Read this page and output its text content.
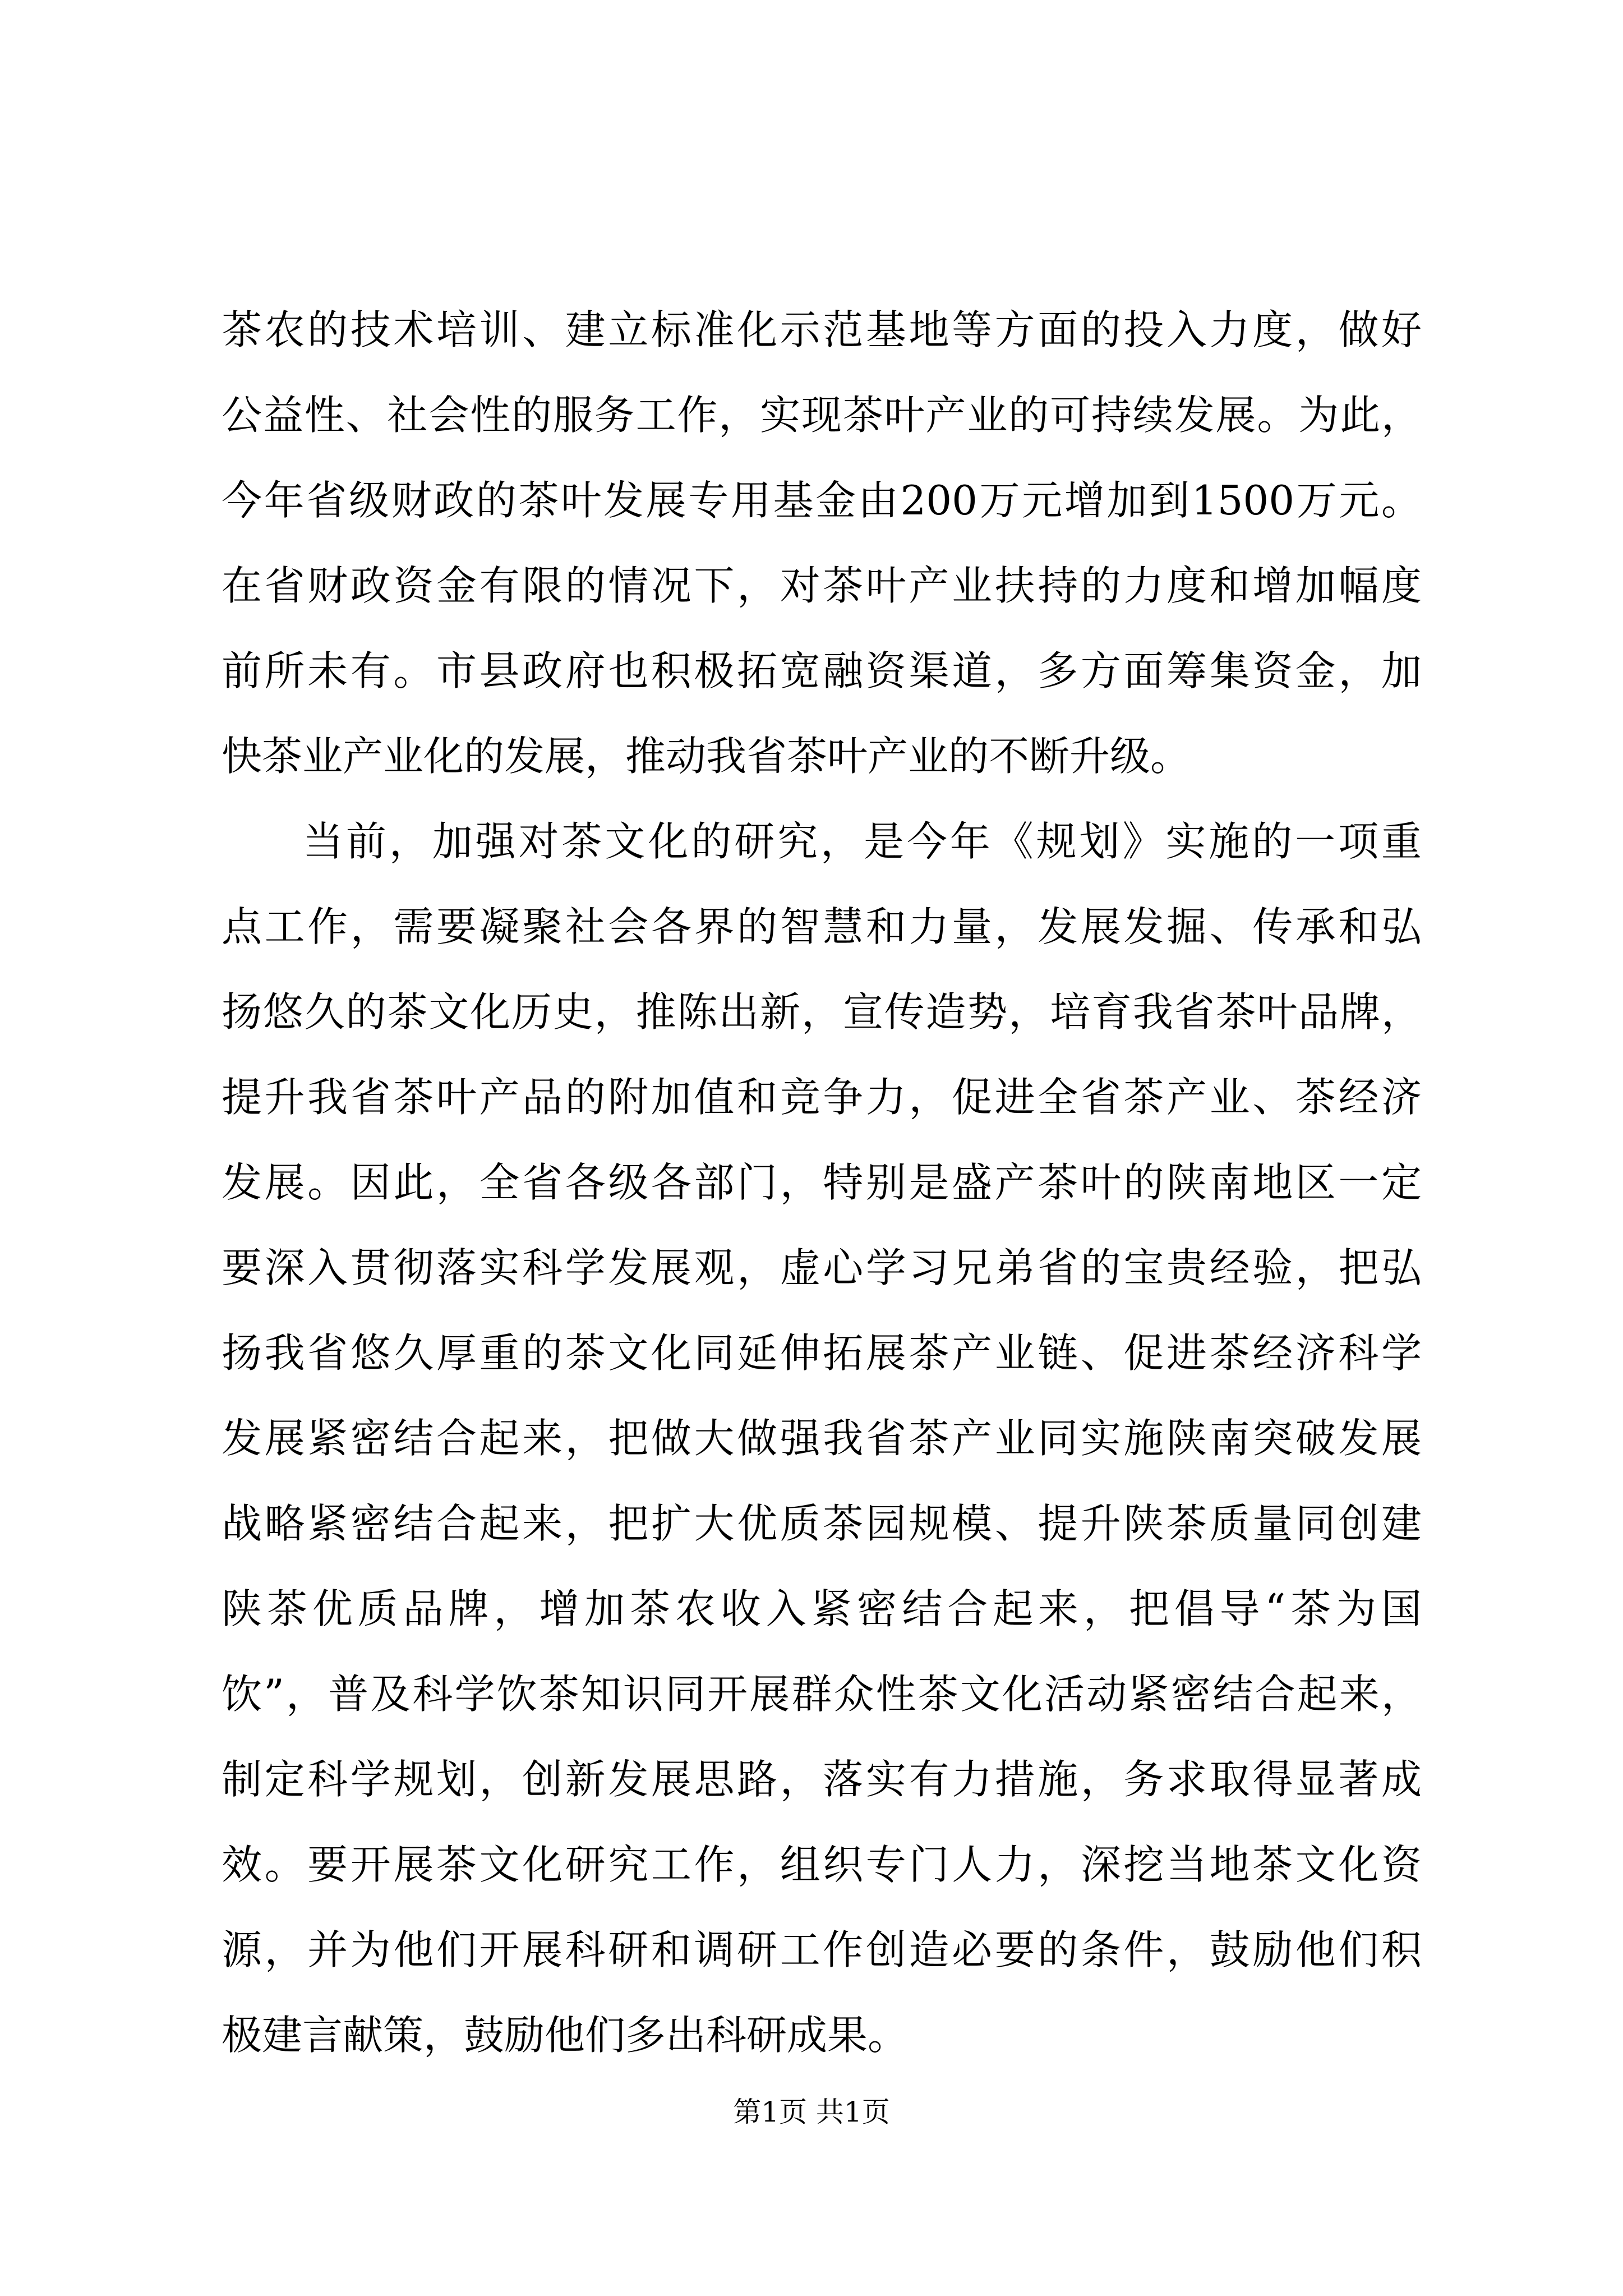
茶农的技术培训、建立标准化示范基地等方面的投入力度，做好
公益性、社会性的服务工作，实现茶叶产业的可持续发展。为此，
今年省级财政的茶叶发展专用基金由200万元增加到1500万元。
在省财政资金有限的情况下，对茶叶产业扶持的力度和增加幅度
前所未有。市县政府也积极拓宽融资渠道，多方面筹集资金，加
快茶业产业化的发展，推动我省茶叶产业的不断升级。
当前，加强对茶文化的研究，是今年《规划》实施的一项重
点工作，需要凝聚社会各界的智慧和力量，发展发掘、传承和弘
扬悠久的茶文化历史，推陈出新，宣传造势，培育我省茶叶品牌，
提升我省茶叶产品的附加值和竞争力，促进全省茶产业、茶经济
发展。因此，全省各级各部门，特别是盛产茶叶的陕南地区一定
要深入贯彻落实科学发展观，虚心学习兄弟省的宝贵经验，把弘
扬我省悠久厚重的茶文化同延伸拓展茶产业链、促进茶经济科学
发展紧密结合起来，把做大做强我省茶产业同实施陕南突破发展
战略紧密结合起来，把扩大优质茶园规模、提升陕茶质量同创建
陕茶优质品牌，增加茶农收入紧密结合起来，把倡导“茶为国
饮”，普及科学饮茶知识同开展群众性茶文化活动紧密结合起来，
制定科学规划，创新发展思路，落实有力措施，务求取得显著成
效。要开展茶文化研究工作，组织专门人力，深挖当地茶文化资
源，并为他们开展科研和调研工作创造必要的条件，鼓励他们积
极建言献策，鼓励他们多出科研成果。
第1页 共1页
